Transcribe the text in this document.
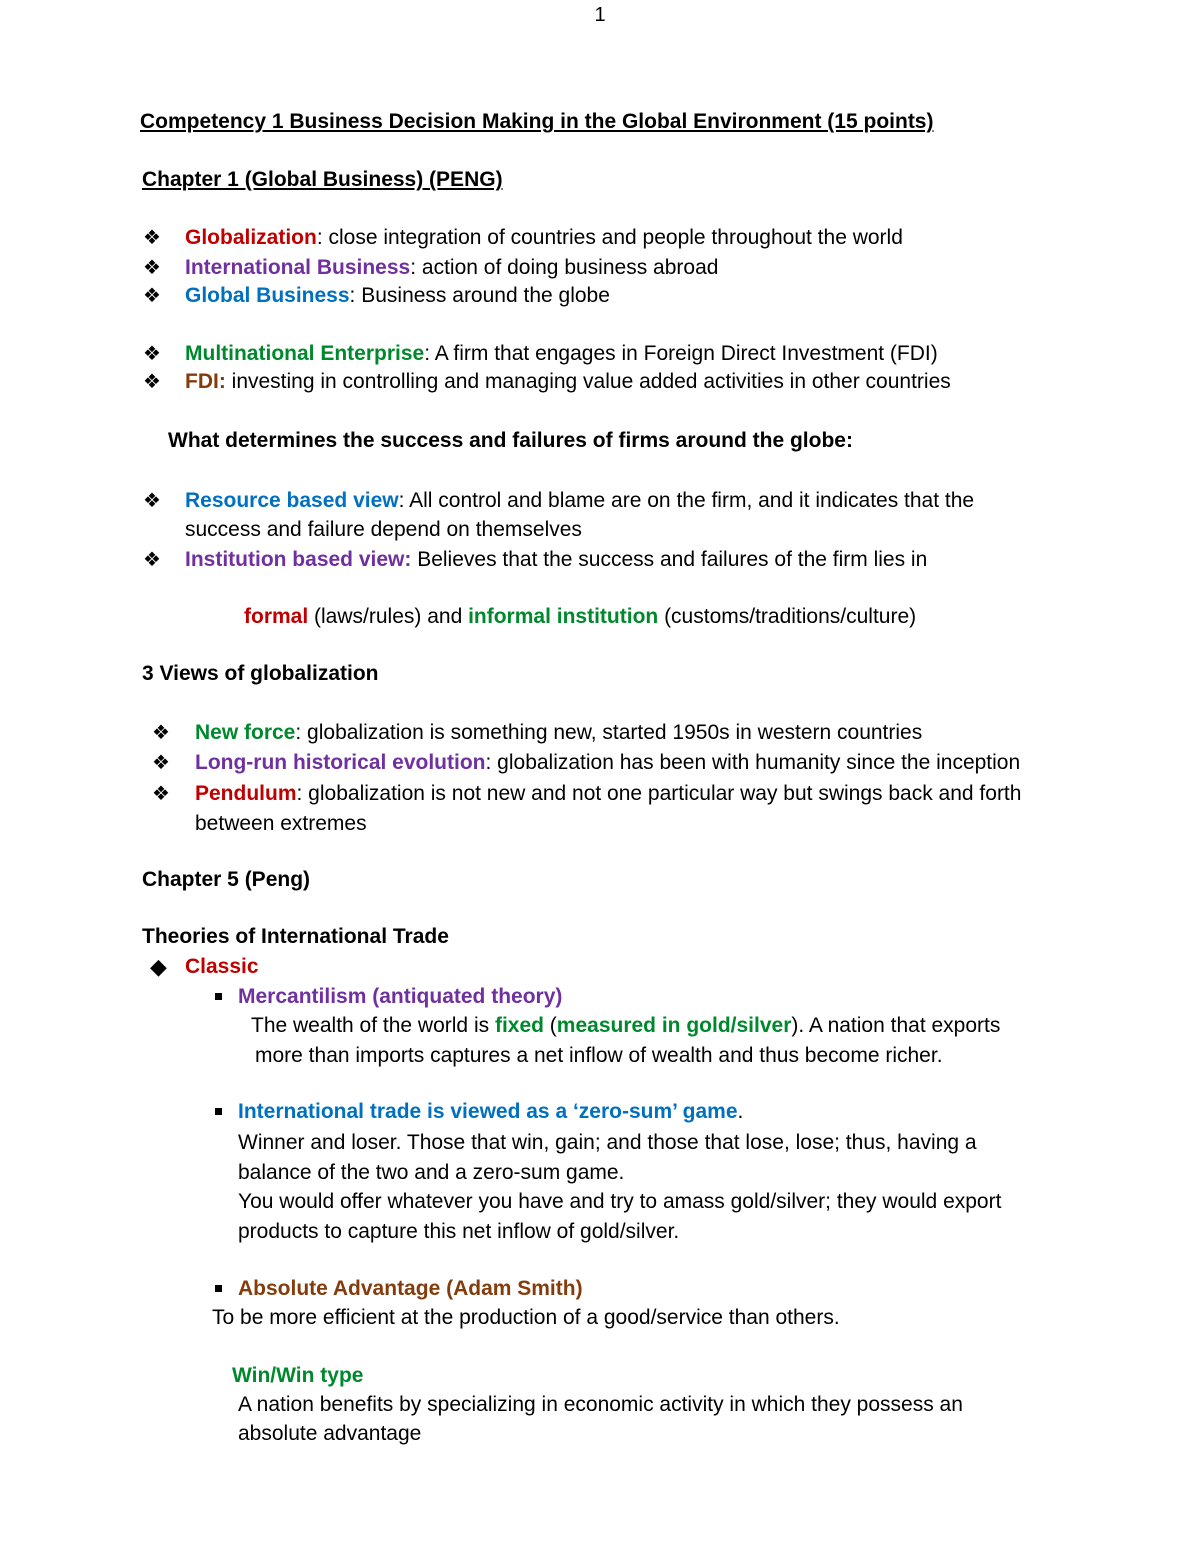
1
Competency 1 Business Decision Making in the Global Environment (15 points)
Chapter 1 (Global Business) (PENG)
❖ Globalization: close integration of countries and people throughout the world
❖ International Business: action of doing business abroad
❖ Global Business: Business around the globe
❖ Multinational Enterprise: A firm that engages in Foreign Direct Investment (FDI)
❖ FDI: investing in controlling and managing value added activities in other countries
What determines the success and failures of firms around the globe:
❖ Resource based view: All control and blame are on the firm, and it indicates that the
success and failure depend on themselves
❖ Institution based view: Believes that the success and failures of the firm lies in
formal (laws/rules) and informal institution (customs/traditions/culture)
3 Views of globalization
❖ New force: globalization is something new, started 1950s in western countries
❖ Long-run historical evolution: globalization has been with humanity since the inception
❖ Pendulum: globalization is not new and not one particular way but swings back and forth
between extremes
Chapter 5 (Peng)
Theories of International Trade
◆ Classic
Mercantilism (antiquated theory)
The wealth of the world is fixed (measured in gold/silver). A nation that exports
more than imports captures a net inflow of wealth and thus become richer.
International trade is viewed as a ‘zero-sum’ game.
Winner and loser. Those that win, gain; and those that lose, lose; thus, having a
balance of the two and a zero-sum game.
You would offer whatever you have and try to amass gold/silver; they would export
products to capture this net inflow of gold/silver.
Absolute Advantage (Adam Smith)
To be more efficient at the production of a good/service than others.
Win/Win type
A nation benefits by specializing in economic activity in which they possess an
absolute advantage
